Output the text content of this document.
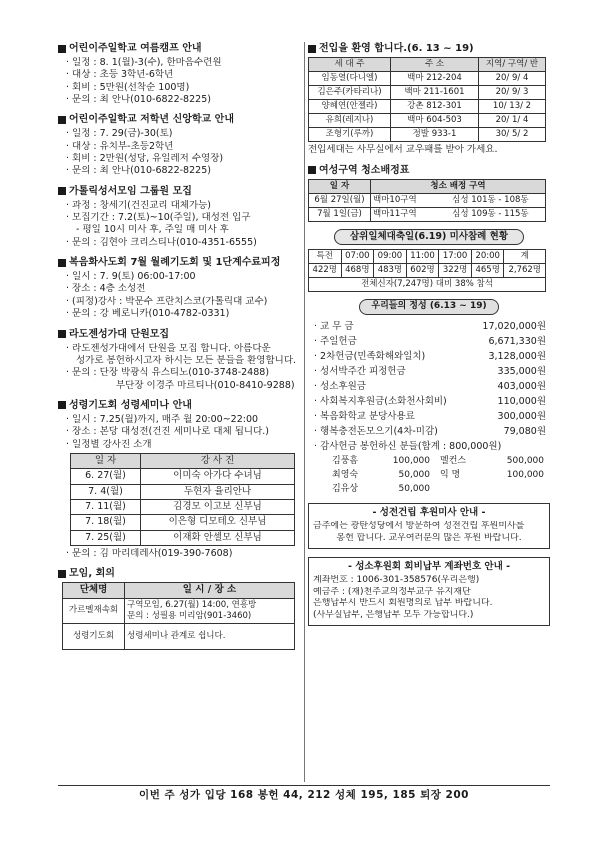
어린이주일학교 여름캠프 안내
· 일정 : 8. 1(월)-3(수), 한마음수련원
· 대상 : 초등 3학년-6학년
· 회비 : 5만원(선착순 100명)
· 문의 : 최 안나(010-6822-8225)
어린이주일학교 저학년 신앙학교 안내
· 일정 : 7. 29(금)-30(토)
· 대상 : 유치부-초등2학년
· 회비 : 2만원(성당, 유일레저 수영장)
· 문의 : 최 안나(010-6822-8225)
가톨릭성서모임 그룹원 모집
· 과정 : 창세기(건진교리 대체가능)
· 모집기간 : 7.2(토)~10(주일), 대성전 입구
- 평일 10시 미사 후, 주일 매 미사 후
· 문의 : 김현아 크리스티나(010-4351-6555)
복음화사도회 7월 월례기도회 및 1단계수료피정
· 일시 : 7. 9(토) 06:00-17:00
· 장소 : 4층 소성전
· (피정)강사 : 박문수 프란치스코(가톨릭대 교수)
· 문의 : 강 베로니카(010-4782-0331)
라도젠성가대 단원모집
· 라도젠성가대에서 단원을 모집 합니다. 아름다운
성가로 봉헌하시고자 하시는 모든 분들을 환영합니다.
· 문의 : 단장 박광식 유스티노(010-3748-2488)
부단장 이경주 마르티나(010-8410-9288)
성령기도회 성령세미나 안내
· 일시 : 7.25(월)까지, 매주 월 20:00~22:00
· 장소 : 본당 대성전(건진 세미나로 대체 됩니다.)
· 일정별 강사진 소개
일 자	강 사 진
6. 27(월)	이미숙 아가다 수녀님
7. 4(월)	두현자 율리안나
7. 11(월)	김경모 이고보 신부님
7. 18(월)	이은형 디모테오 신부님
7. 25(월)	이재화 안셀모 신부님
· 문의 : 김 마리데레사(019-390-7608)
모임, 회의
단체명	일 시 / 장 소
가르멜재속회	구역모임, 6.27(월) 14:00, 연흥방
문의 : 성필용 미리암(901-3460)

성령기도회	성령세미나 관계로 쉽니다.
전입을 환영 합니다.(6. 13 ~ 19)
세 대 주	주 소	지역/ 구역/ 반
임동열(다니엘)	백마 212-204	20/ 9/ 4
김은주(카타리나)	백마 211-1601	20/ 9/ 3
양혜연(안젤라)	강촌 812-301	10/ 13/ 2
유희(레지나)	백마 604-503	20/ 1/ 4
조형기(루까)	정발 933-1	30/ 5/ 2
전입세대는 사무실에서 교우패를 받아 가세요.
여성구역 청소배정표
일 자	청소 배정 구역	
6월 27일(월)	백마10구역	심성 101동 - 108동
7월 1일(금)	백마11구역	심성 109동 - 115동
삼위일체대축일(6.19) 미사참례 현황
특전	07:00	09:00	11:00	17:00	20:00	계
422명	468명	483명	602명	322명	465명	2,762명
전체신자(7,247명) 대비 38% 참석						
우리들의 정성 (6.13 ~ 19)
· 교 무 금	17,020,000원
· 주일헌금	6,671,330원
· 2차헌금(민족화해와일치)	3,128,000원
· 성서박주간 피정헌금	335,000원
· 성소후원금	403,000원
· 사회복지후원금(소화천사회비)	110,000원
· 복음화학교 분당사용료	300,000원
· 행복충전돈모으기(4차-미감)	79,080원
· 감사헌금 봉헌하신 분들(합계 : 800,000원)
김풍흠	100,000	멜컨스	500,000
최영숙	50,000	익 명	100,000
김유상	50,000
- 성전건립 후원미사 안내 -

금주에는 광탄성당에서 방문하여 성전건립 후원미사를

봉헌 합니다. 교우여러분의 많은 후원 바랍니다.

- 성소후원회 회비납부 계좌번호 안내 -

계좌번호 : 1006-301-358576(우리은행)

예금주 : (재)천주교의정부교구 유지재단

은행납부시 반드시 회원명의로 납부 바랍니다.

(사무실납부, 은행납부 모두 가능합니다.)

이번 주 성가 입당 168 봉헌 44, 212 성체 195, 185 퇴장 200
